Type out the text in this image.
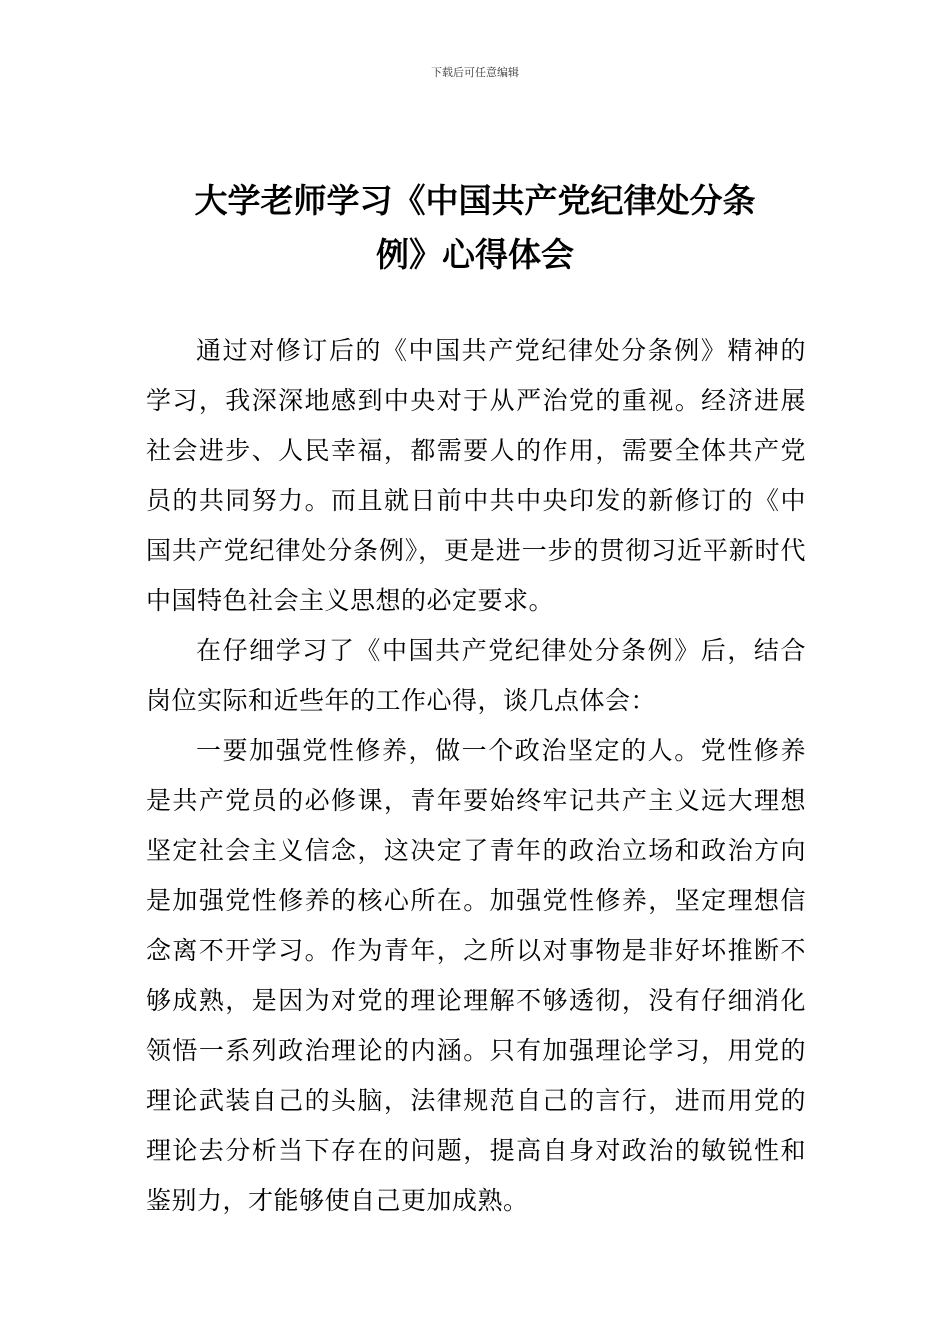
下载后可任意编辑
大学老师学习《中国共产党纪律处分条
例》心得体会

通过对修订后的《中国共产党纪律处分条例》精神的学习，我深深地感到中央对于从严治党的重视。经济进展社会进步、人民幸福，都需要人的作用，需要全体共产党员的共同努力。而且就日前中共中央印发的新修订的《中国共产党纪律处分条例》，更是进一步的贯彻习近平新时代中国特色社会主义思想的必定要求。

在仔细学习了《中国共产党纪律处分条例》后，结合岗位实际和近些年的工作心得，谈几点体会：

一要加强党性修养，做一个政治坚定的人。党性修养是共产党员的必修课，青年要始终牢记共产主义远大理想坚定社会主义信念，这决定了青年的政治立场和政治方向是加强党性修养的核心所在。加强党性修养，坚定理想信念离不开学习。作为青年，之所以对事物是非好坏推断不够成熟，是因为对党的理论理解不够透彻，没有仔细消化领悟一系列政治理论的内涵。只有加强理论学习，用党的理论武装自己的头脑，法律规范自己的言行，进而用党的理论去分析当下存在的问题，提高自身对政治的敏锐性和鉴别力，才能够使自己更加成熟。
